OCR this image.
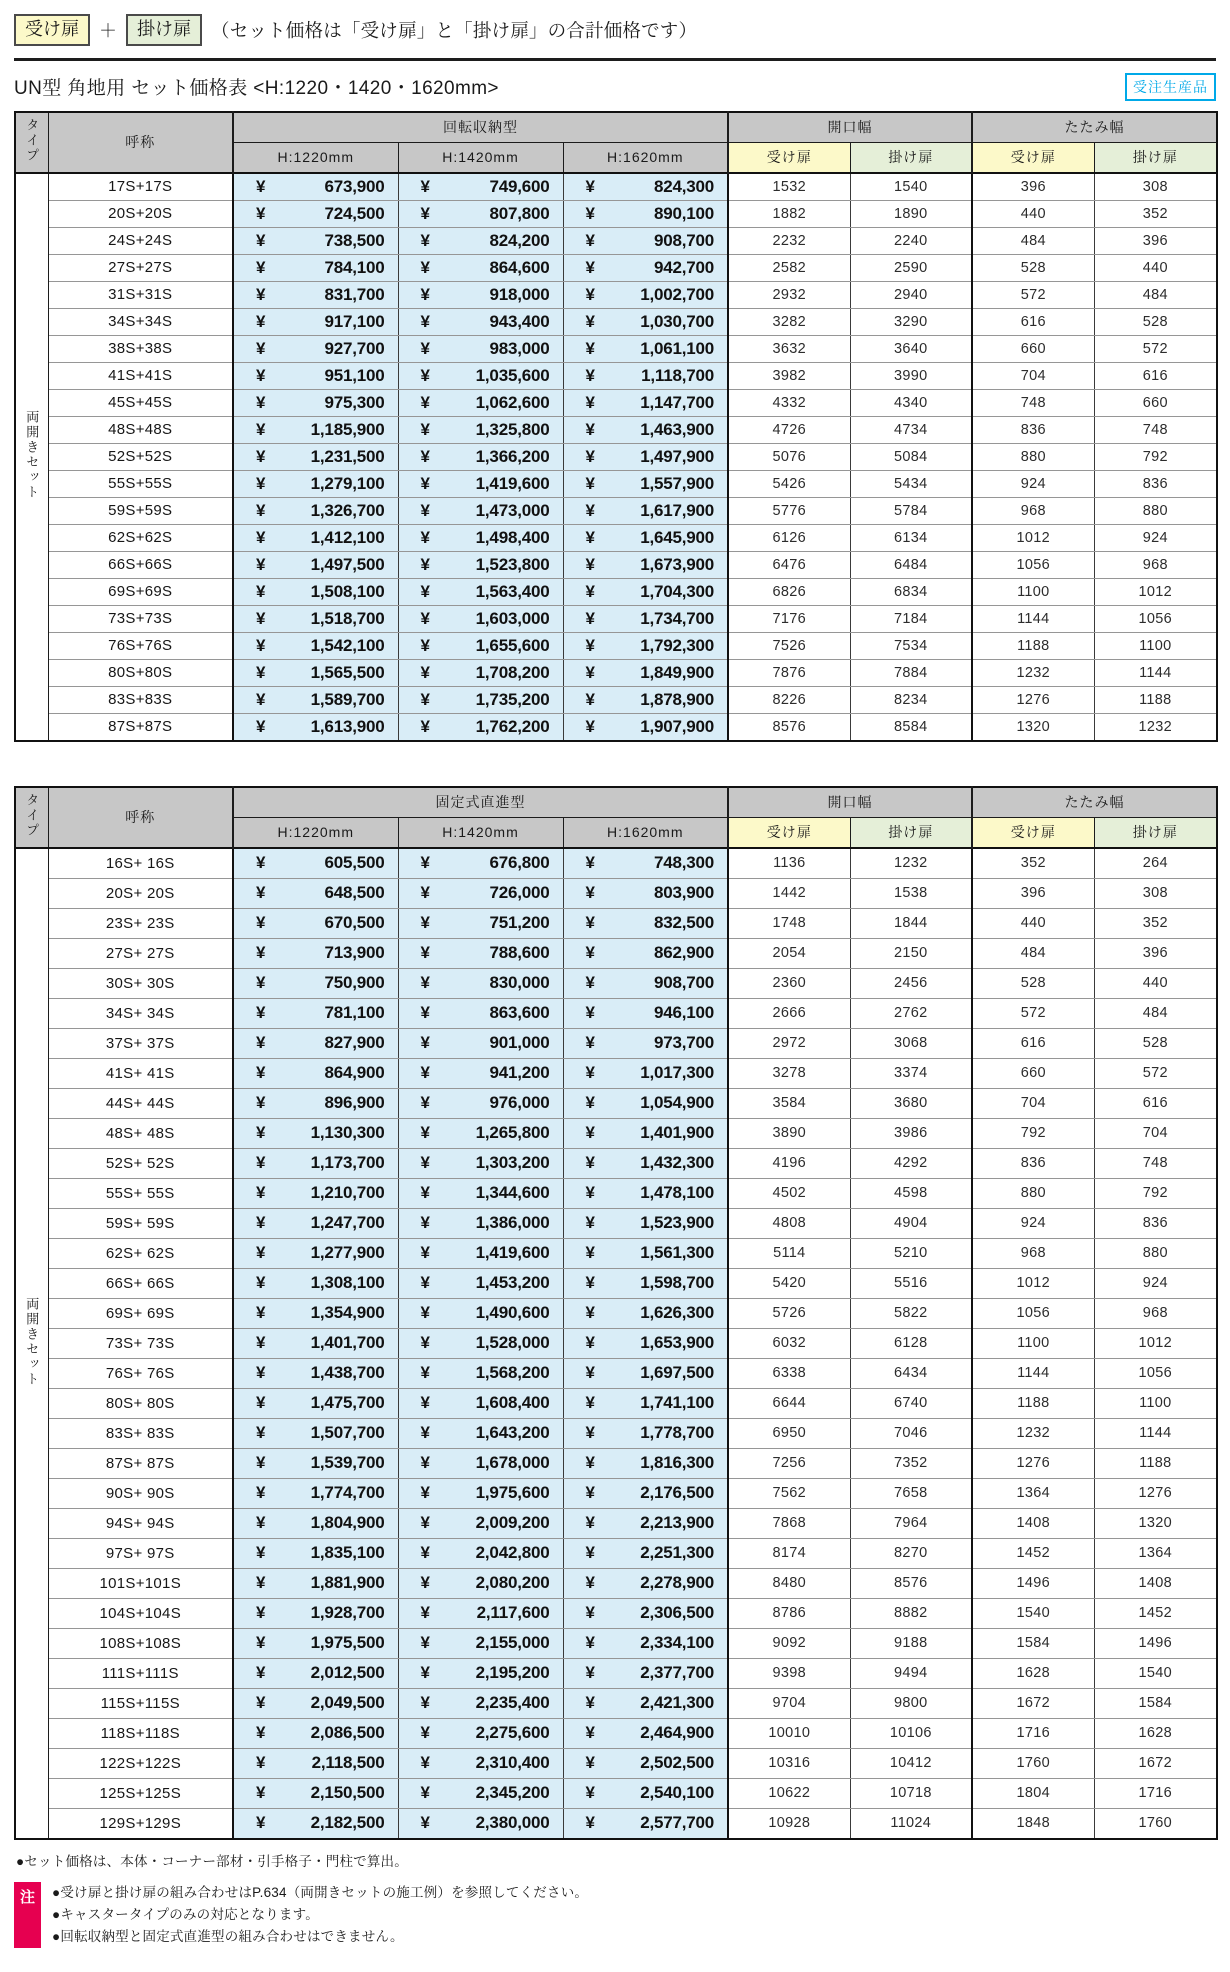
受け扉	＋	掛け扉	（セット価格は「受け扉」と「掛け扉」の合計価格です）
UN型 角地用 セット価格表 <H:1220・1420・1620mm>	受注生産品
タイプ	呼称	回転収納型			開口幅		たたみ幅	
		H:1220mm	H:1420mm	H:1620mm	受け扉	掛け扉	受け扉	掛け扉
両開きセット	17S+17S	¥ 673,900	¥ 749,600	¥ 824,300	1532	1540	396	308
	20S+20S	¥ 724,500	¥ 807,800	¥ 890,100	1882	1890	440	352
	24S+24S	¥ 738,500	¥ 824,200	¥ 908,700	2232	2240	484	396
	27S+27S	¥ 784,100	¥ 864,600	¥ 942,700	2582	2590	528	440
	31S+31S	¥ 831,700	¥ 918,000	¥ 1,002,700	2932	2940	572	484
	34S+34S	¥ 917,100	¥ 943,400	¥ 1,030,700	3282	3290	616	528
	38S+38S	¥ 927,700	¥ 983,000	¥ 1,061,100	3632	3640	660	572
	41S+41S	¥ 951,100	¥ 1,035,600	¥ 1,118,700	3982	3990	704	616
	45S+45S	¥ 975,300	¥ 1,062,600	¥ 1,147,700	4332	4340	748	660
	48S+48S	¥ 1,185,900	¥ 1,325,800	¥ 1,463,900	4726	4734	836	748
	52S+52S	¥ 1,231,500	¥ 1,366,200	¥ 1,497,900	5076	5084	880	792
	55S+55S	¥ 1,279,100	¥ 1,419,600	¥ 1,557,900	5426	5434	924	836
	59S+59S	¥ 1,326,700	¥ 1,473,000	¥ 1,617,900	5776	5784	968	880
	62S+62S	¥ 1,412,100	¥ 1,498,400	¥ 1,645,900	6126	6134	1012	924
	66S+66S	¥ 1,497,500	¥ 1,523,800	¥ 1,673,900	6476	6484	1056	968
	69S+69S	¥ 1,508,100	¥ 1,563,400	¥ 1,704,300	6826	6834	1100	1012
	73S+73S	¥ 1,518,700	¥ 1,603,000	¥ 1,734,700	7176	7184	1144	1056
	76S+76S	¥ 1,542,100	¥ 1,655,600	¥ 1,792,300	7526	7534	1188	1100
	80S+80S	¥ 1,565,500	¥ 1,708,200	¥ 1,849,900	7876	7884	1232	1144
	83S+83S	¥ 1,589,700	¥ 1,735,200	¥ 1,878,900	8226	8234	1276	1188
	87S+87S	¥ 1,613,900	¥ 1,762,200	¥ 1,907,900	8576	8584	1320	1232
タイプ	呼称	固定式直進型			開口幅		たたみ幅	
		H:1220mm	H:1420mm	H:1620mm	受け扉	掛け扉	受け扉	掛け扉
両開きセット	16S+ 16S	¥ 605,500	¥ 676,800	¥ 748,300	1136	1232	352	264
	20S+ 20S	¥ 648,500	¥ 726,000	¥ 803,900	1442	1538	396	308
	23S+ 23S	¥ 670,500	¥ 751,200	¥ 832,500	1748	1844	440	352
	27S+ 27S	¥ 713,900	¥ 788,600	¥ 862,900	2054	2150	484	396
	30S+ 30S	¥ 750,900	¥ 830,000	¥ 908,700	2360	2456	528	440
	34S+ 34S	¥ 781,100	¥ 863,600	¥ 946,100	2666	2762	572	484
	37S+ 37S	¥ 827,900	¥ 901,000	¥ 973,700	2972	3068	616	528
	41S+ 41S	¥ 864,900	¥ 941,200	¥ 1,017,300	3278	3374	660	572
	44S+ 44S	¥ 896,900	¥ 976,000	¥ 1,054,900	3584	3680	704	616
	48S+ 48S	¥ 1,130,300	¥ 1,265,800	¥ 1,401,900	3890	3986	792	704
	52S+ 52S	¥ 1,173,700	¥ 1,303,200	¥ 1,432,300	4196	4292	836	748
	55S+ 55S	¥ 1,210,700	¥ 1,344,600	¥ 1,478,100	4502	4598	880	792
	59S+ 59S	¥ 1,247,700	¥ 1,386,000	¥ 1,523,900	4808	4904	924	836
	62S+ 62S	¥ 1,277,900	¥ 1,419,600	¥ 1,561,300	5114	5210	968	880
	66S+ 66S	¥ 1,308,100	¥ 1,453,200	¥ 1,598,700	5420	5516	1012	924
	69S+ 69S	¥ 1,354,900	¥ 1,490,600	¥ 1,626,300	5726	5822	1056	968
	73S+ 73S	¥ 1,401,700	¥ 1,528,000	¥ 1,653,900	6032	6128	1100	1012
	76S+ 76S	¥ 1,438,700	¥ 1,568,200	¥ 1,697,500	6338	6434	1144	1056
	80S+ 80S	¥ 1,475,700	¥ 1,608,400	¥ 1,741,100	6644	6740	1188	1100
	83S+ 83S	¥ 1,507,700	¥ 1,643,200	¥ 1,778,700	6950	7046	1232	1144
	87S+ 87S	¥ 1,539,700	¥ 1,678,000	¥ 1,816,300	7256	7352	1276	1188
	90S+ 90S	¥ 1,774,700	¥ 1,975,600	¥ 2,176,500	7562	7658	1364	1276
	94S+ 94S	¥ 1,804,900	¥ 2,009,200	¥ 2,213,900	7868	7964	1408	1320
	97S+ 97S	¥ 1,835,100	¥ 2,042,800	¥ 2,251,300	8174	8270	1452	1364
	101S+101S	¥ 1,881,900	¥ 2,080,200	¥ 2,278,900	8480	8576	1496	1408
	104S+104S	¥ 1,928,700	¥ 2,117,600	¥ 2,306,500	8786	8882	1540	1452
	108S+108S	¥ 1,975,500	¥ 2,155,000	¥ 2,334,100	9092	9188	1584	1496
	111S+111S	¥ 2,012,500	¥ 2,195,200	¥ 2,377,700	9398	9494	1628	1540
	115S+115S	¥ 2,049,500	¥ 2,235,400	¥ 2,421,300	9704	9800	1672	1584
	118S+118S	¥ 2,086,500	¥ 2,275,600	¥ 2,464,900	10010	10106	1716	1628
	122S+122S	¥ 2,118,500	¥ 2,310,400	¥ 2,502,500	10316	10412	1760	1672
	125S+125S	¥ 2,150,500	¥ 2,345,200	¥ 2,540,100	10622	10718	1804	1716
	129S+129S	¥ 2,182,500	¥ 2,380,000	¥ 2,577,700	10928	11024	1848	1760

●セット価格は、本体・コーナー部材・引手格子・門柱で算出。

注	●受け扉と掛け扉の組み合わせはP.634（両開きセットの施工例）を参照してください。
●キャスタータイプのみの対応となります。
●回転収納型と固定式直進型の組み合わせはできません。
